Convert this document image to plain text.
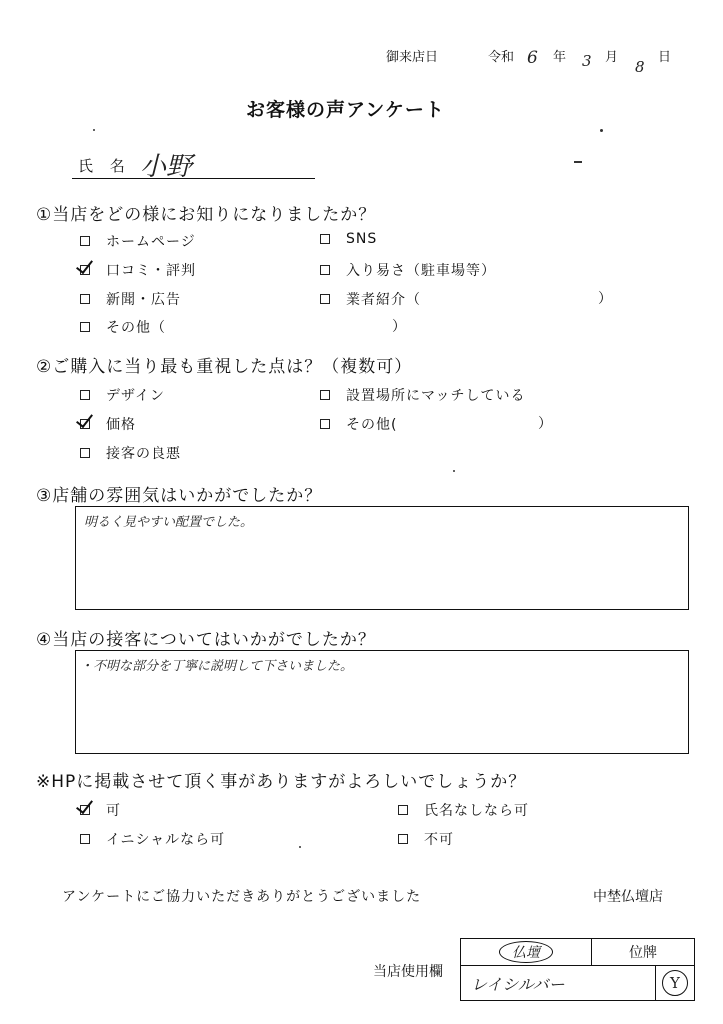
御来店日	令和 6 年 3 月
8
日
お客様の声アンケート
氏 名 小野
①当店をどの様にお知りになりましたか？
ホームページ	SNS
口コミ・評判	入り易さ（駐車場等）
新聞・広告	業者紹介（	）
その他（	）
②ご購入に当り最も重視した点は？（複数可）
デザイン	設置場所にマッチしている
価格	その他(	）
接客の良悪
③店舗の雰囲気はいかがでしたか？
明るく見やすい配置でした。
④当店の接客についてはいかがでしたか？
・不明な部分を丁寧に説明して下さいました。
※HPに掲載させて頂く事がありますがよろしいでしょうか？
可	氏名なしなら可
イニシャルなら可	不可
アンケートにご協力いただきありがとうございました	中埜仏壇店
当店使用欄
仏壇	位牌	
レイシルバー		Y
